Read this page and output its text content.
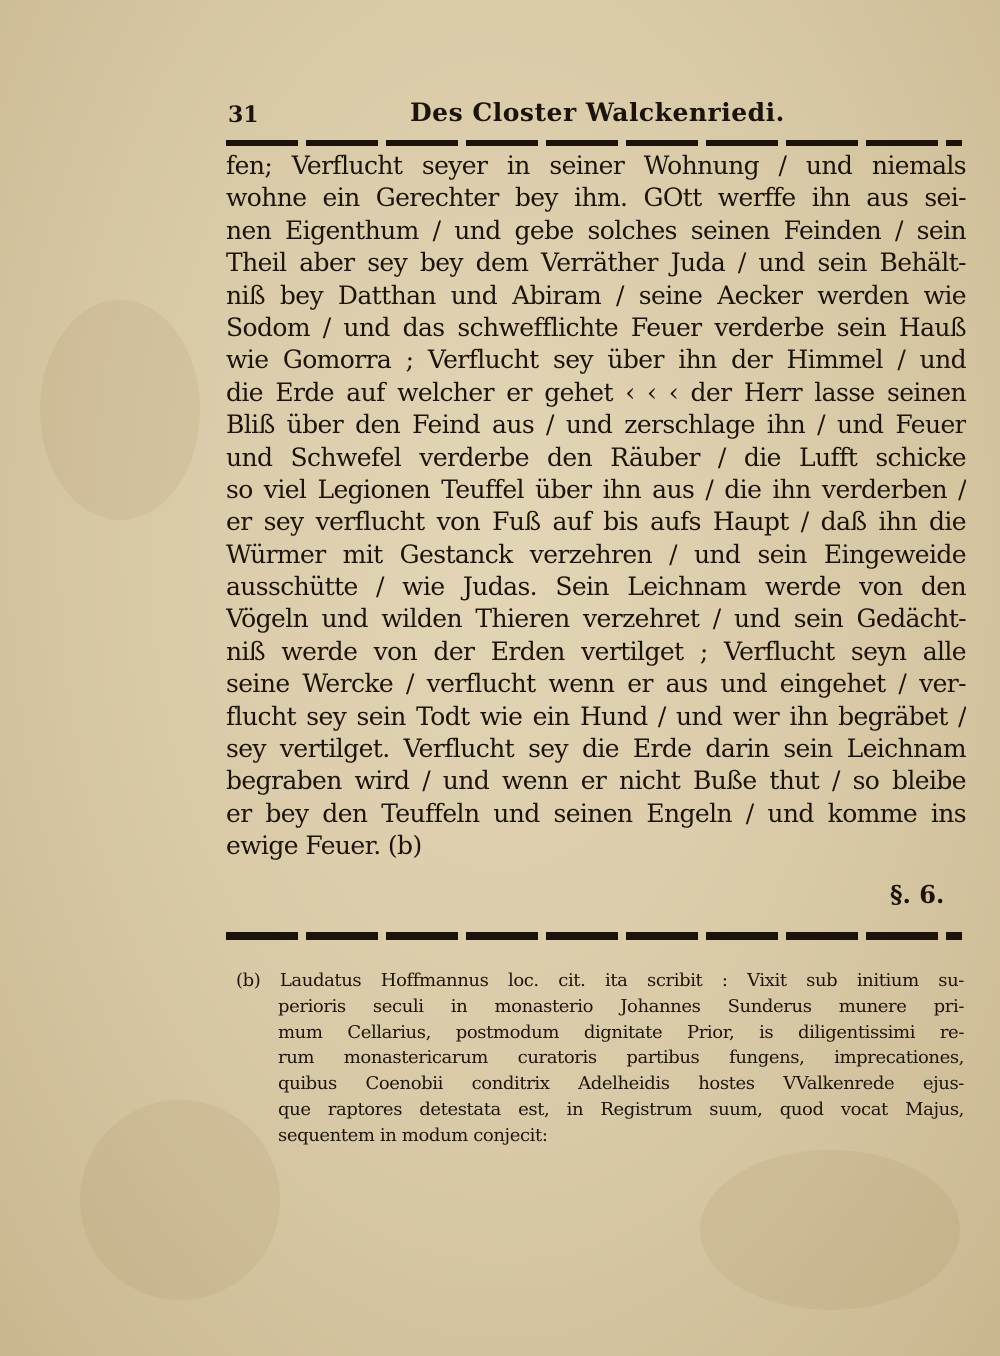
31	Des Closter Walckenriedi.
fen; Verflucht seyer in seiner Wohnung / und niemals
wohne ein Gerechter bey ihm. GOtt werffe ihn aus sei-
nen Eigenthum / und gebe solches seinen Feinden / sein
Theil aber sey bey dem Verräther Juda / und sein Behält-
niß bey Datthan und Abiram / seine Aecker werden wie
Sodom / und das schwefflichte Feuer verderbe sein Hauß
wie Gomorra ; Verflucht sey über ihn der Himmel / und
die Erde auf welcher er gehet ‹ ‹ ‹ der Herr lasse seinen
Bliß über den Feind aus / und zerschlage ihn / und Feuer
und Schwefel verderbe den Räuber / die Lufft schicke
so viel Legionen Teuffel über ihn aus / die ihn verderben /
er sey verflucht von Fuß auf bis aufs Haupt / daß ihn die
Würmer mit Gestanck verzehren / und sein Eingeweide
ausschütte / wie Judas. Sein Leichnam werde von den
Vögeln und wilden Thieren verzehret / und sein Gedächt-
niß werde von der Erden vertilget ; Verflucht seyn alle
seine Wercke / verflucht wenn er aus und eingehet / ver-
flucht sey sein Todt wie ein Hund / und wer ihn begräbet /
sey vertilget. Verflucht sey die Erde darin sein Leichnam
begraben wird / und wenn er nicht Buße thut / so bleibe
er bey den Teuffeln und seinen Engeln / und komme ins
ewige Feuer. (b)
§. 6.
(b) Laudatus Hoffmannus loc. cit. ita scribit : Vixit sub initium su-
perioris seculi in monasterio Johannes Sunderus munere pri-
mum Cellarius, postmodum dignitate Prior, is diligentissimi re-
rum monastericarum curatoris partibus fungens, imprecationes,
quibus Coenobii conditrix Adelheidis hostes VValkenrede ejus-
que raptores detestata est, in Registrum suum, quod vocat Majus,
sequentem in modum conjecit:
